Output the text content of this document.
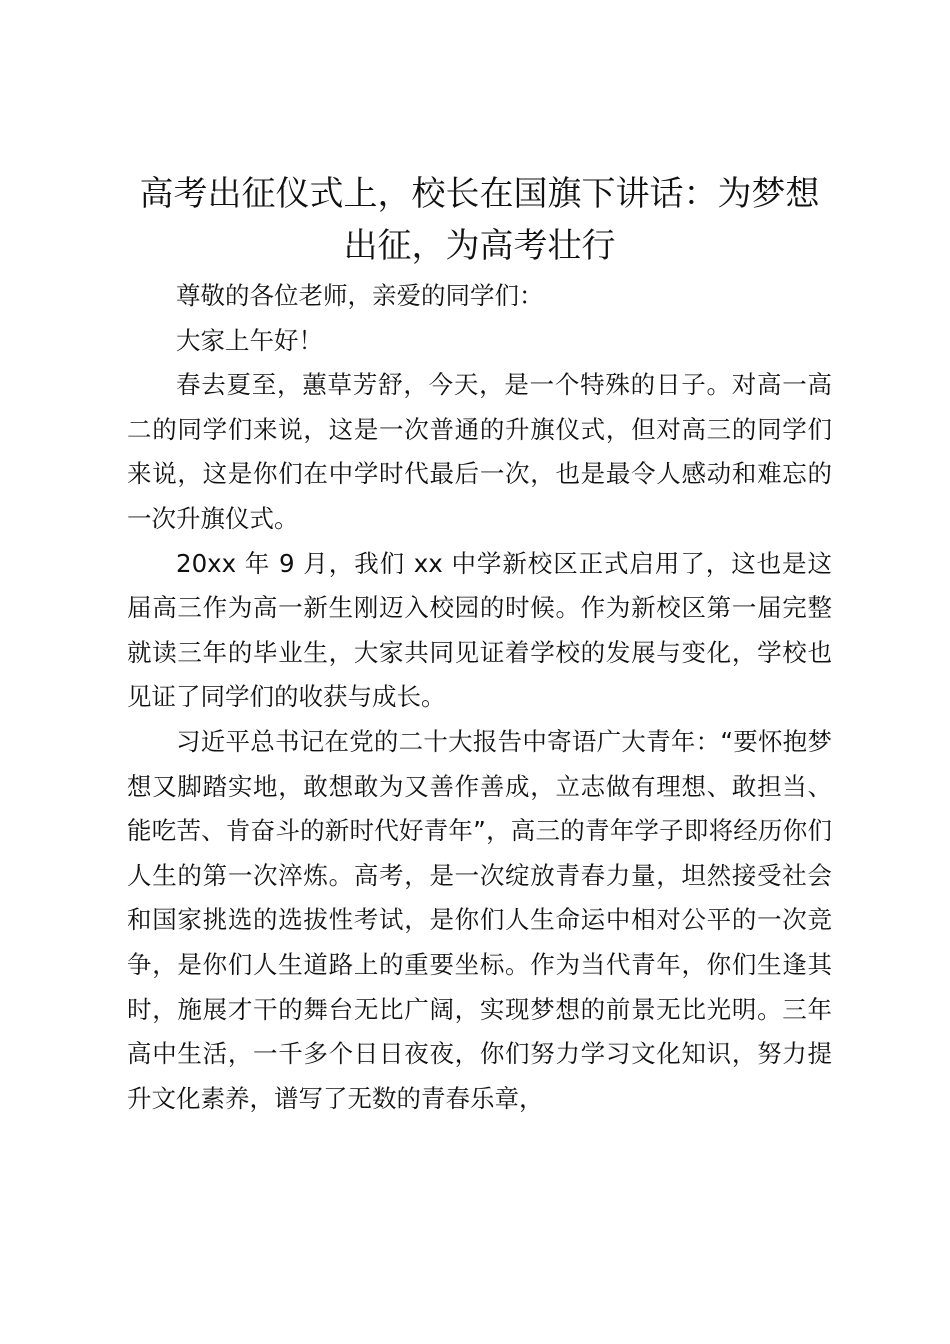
高考出征仪式上，校长在国旗下讲话：为梦想出征，为高考壮行

尊敬的各位老师，亲爱的同学们：

大家上午好！

春去夏至，蕙草芳舒，今天，是一个特殊的日子。对高一高二的同学们来说，这是一次普通的升旗仪式，但对高三的同学们来说，这是你们在中学时代最后一次，也是最令人感动和难忘的一次升旗仪式。

20xx 年 9 月，我们 xx 中学新校区正式启用了，这也是这届高三作为高一新生刚迈入校园的时候。作为新校区第一届完整就读三年的毕业生，大家共同见证着学校的发展与变化，学校也见证了同学们的收获与成长。

习近平总书记在党的二十大报告中寄语广大青年：“要怀抱梦想又脚踏实地，敢想敢为又善作善成，立志做有理想、敢担当、能吃苦、肯奋斗的新时代好青年”，高三的青年学子即将经历你们人生的第一次淬炼。高考，是一次绽放青春力量，坦然接受社会和国家挑选的选拔性考试，是你们人生命运中相对公平的一次竞争，是你们人生道路上的重要坐标。作为当代青年，你们生逢其时，施展才干的舞台无比广阔，实现梦想的前景无比光明。三年高中生活，一千多个日日夜夜，你们努力学习文化知识，努力提升文化素养，谱写了无数的青春乐章，
